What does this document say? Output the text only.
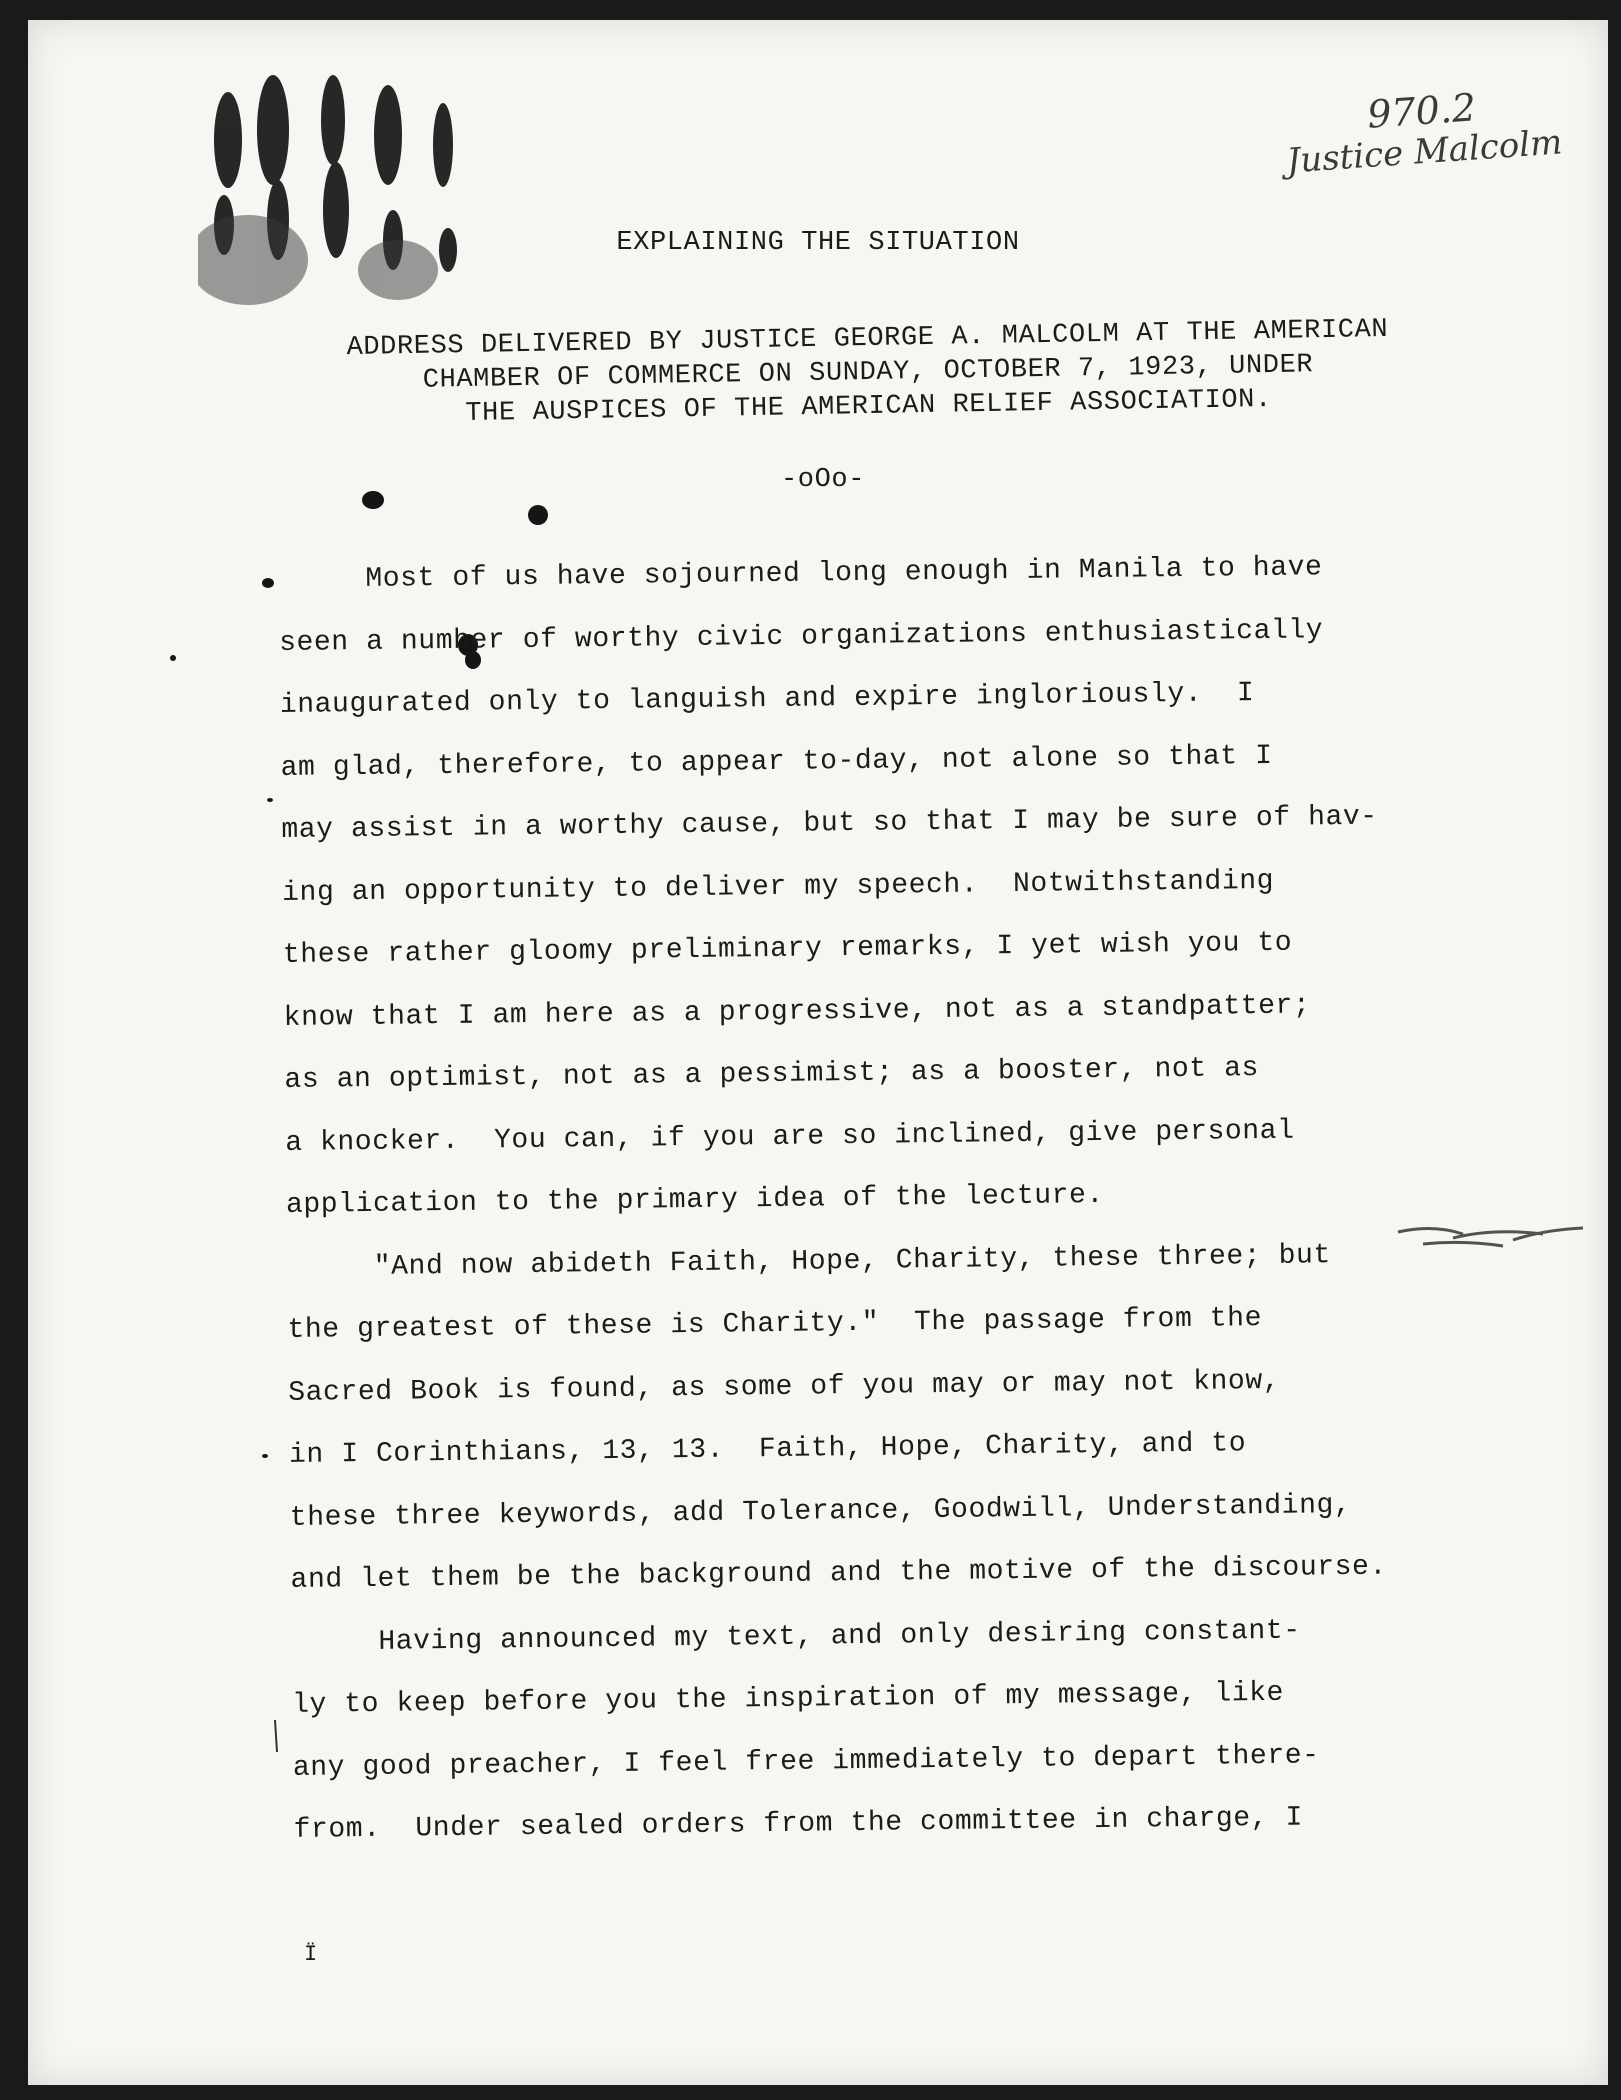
970.2
Justice Malcolm
EXPLAINING THE SITUATION
ADDRESS DELIVERED BY JUSTICE GEORGE A. MALCOLM AT THE AMERICAN
CHAMBER OF COMMERCE ON SUNDAY, OCTOBER 7, 1923, UNDER
THE AUSPICES OF THE AMERICAN RELIEF ASSOCIATION.
-oOo-
Most of us have sojourned long enough in Manila to have
seen a number of worthy civic organizations enthusiastically
inaugurated only to languish and expire ingloriously.  I
am glad, therefore, to appear to-day, not alone so that I
may assist in a worthy cause, but so that I may be sure of hav-
ing an opportunity to deliver my speech.  Notwithstanding
these rather gloomy preliminary remarks, I yet wish you to
know that I am here as a progressive, not as a standpatter;
as an optimist, not as a pessimist; as a booster, not as
a knocker.  You can, if you are so inclined, give personal
application to the primary idea of the lecture.
"And now abideth Faith, Hope, Charity, these three; but
the greatest of these is Charity."  The passage from the
Sacred Book is found, as some of you may or may not know,
in I Corinthians, 13, 13.  Faith, Hope, Charity, and to
these three keywords, add Tolerance, Goodwill, Understanding,
and let them be the background and the motive of the discourse.
Having announced my text, and only desiring constant-
ly to keep before you the inspiration of my message, like
any good preacher, I feel free immediately to depart there-
from.  Under sealed orders from the committee in charge, I
Ï
